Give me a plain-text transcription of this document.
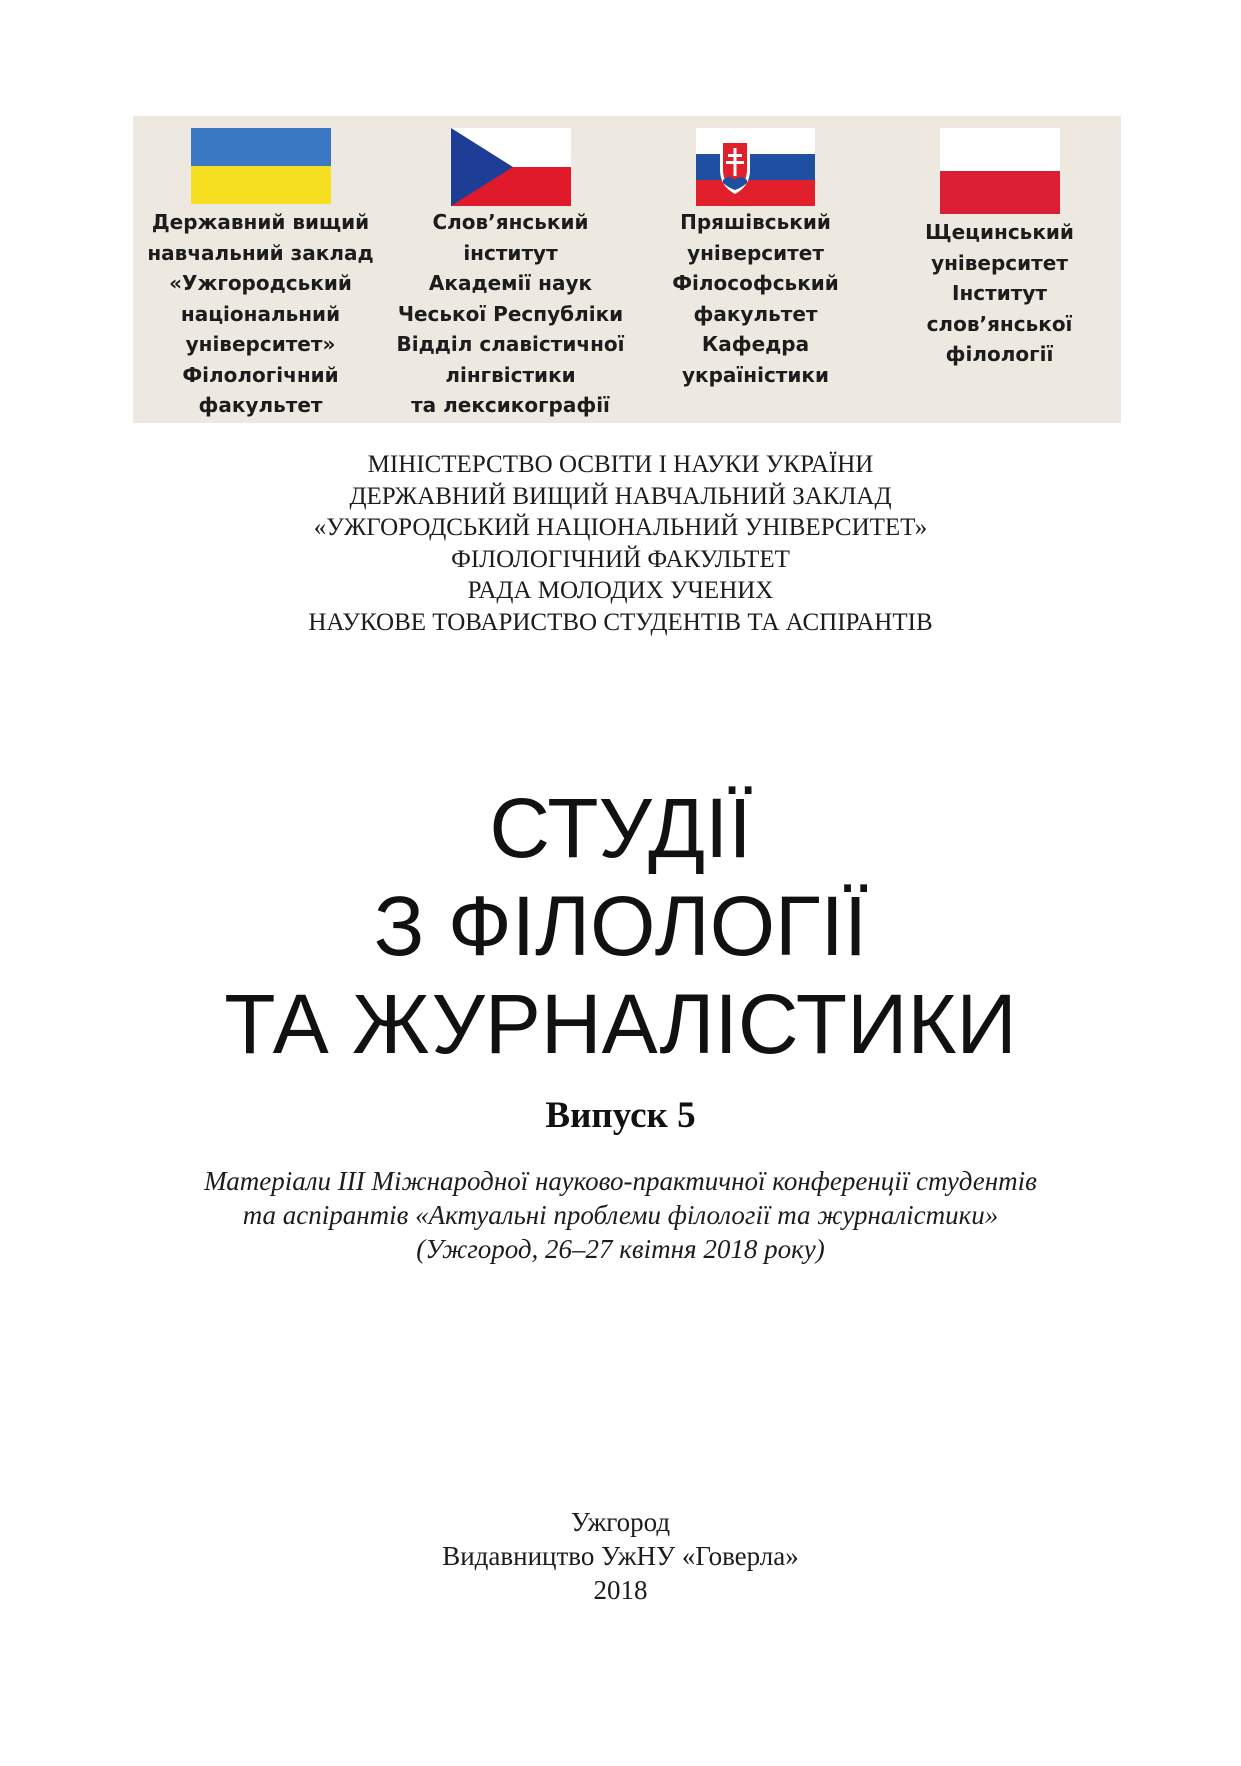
Державний вищий
навчальний заклад
«Ужгородський
національний
університет»
Філологічний
факультет
Слов’янський
інститут
Академії наук
Чеської Республіки
Відділ славістичної
лінгвістики
та лексикографії
Пряшівський
університет
Філософський
факультет
Кафедра
україністики
Щецинський
університет
Інститут
слов’янської
філології
МІНІСТЕРСТВО ОСВІТИ І НАУКИ УКРАЇНИ
ДЕРЖАВНИЙ ВИЩИЙ НАВЧАЛЬНИЙ ЗАКЛАД
«УЖГОРОДСЬКИЙ НАЦІОНАЛЬНИЙ УНІВЕРСИТЕТ»
ФІЛОЛОГІЧНИЙ ФАКУЛЬТЕТ
РАДА МОЛОДИХ УЧЕНИХ
НАУКОВЕ ТОВАРИСТВО СТУДЕНТІВ ТА АСПІРАНТІВ
СТУДІЇ
З ФІЛОЛОГІЇ
ТА ЖУРНАЛІСТИКИ
Випуск 5
Матеріали ІІІ Міжнародної науково-практичної конференції студентів
та аспірантів «Актуальні проблеми філології та журналістики»
(Ужгород, 26–27 квітня 2018 року)
Ужгород
Видавництво УжНУ «Говерла»
2018
